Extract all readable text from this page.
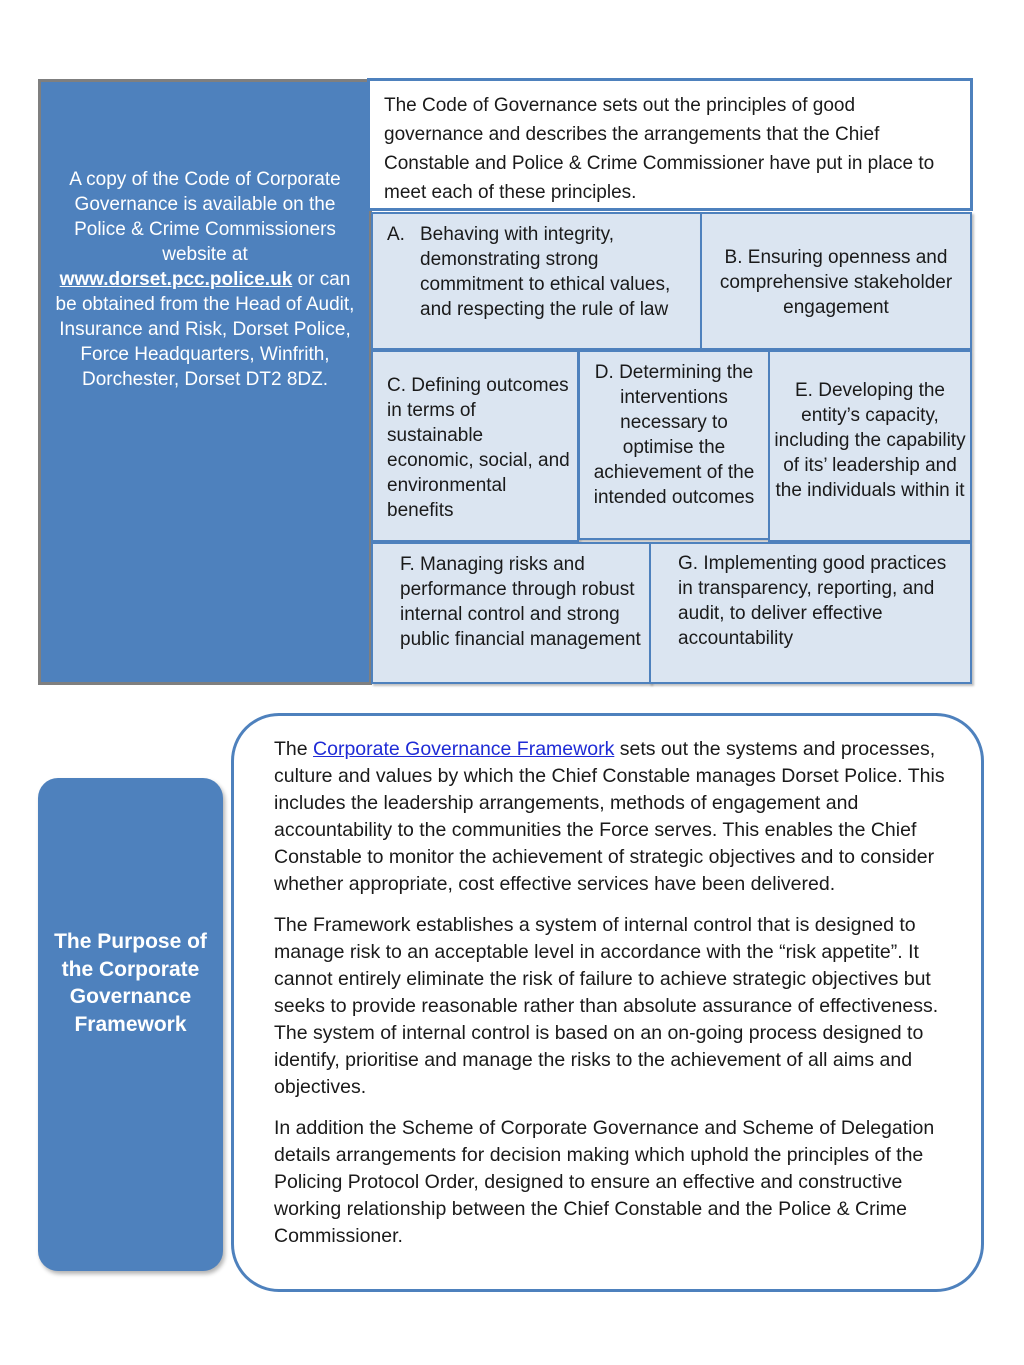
A copy of the Code of Corporate Governance is available on the Police & Crime Commissioners website at www.dorset.pcc.police.uk or can be obtained from the Head of Audit, Insurance and Risk, Dorset Police, Force Headquarters, Winfrith, Dorchester, Dorset DT2 8DZ.
The Code of Governance sets out the principles of good governance and describes the arrangements that the Chief Constable and Police & Crime Commissioner have put in place to meet each of these principles.
A. Behaving with integrity, demonstrating strong commitment to ethical values, and respecting the rule of law
B. Ensuring openness and comprehensive stakeholder engagement
C. Defining outcomes in terms of sustainable economic, social, and environmental benefits
D. Determining the interventions necessary to optimise the achievement of the intended outcomes
E. Developing the entity’s capacity, including the capability of its’ leadership and the individuals within it
F. Managing risks and performance through robust internal control and strong public financial management
G. Implementing good practices in transparency, reporting, and audit, to deliver effective accountability
The Purpose of the Corporate Governance Framework

The Corporate Governance Framework sets out the systems and processes, culture and values by which the Chief Constable manages Dorset Police. This includes the leadership arrangements, methods of engagement and accountability to the communities the Force serves. This enables the Chief Constable to monitor the achievement of strategic objectives and to consider whether appropriate, cost effective services have been delivered.

The Framework establishes a system of internal control that is designed to manage risk to an acceptable level in accordance with the “risk appetite”. It cannot entirely eliminate the risk of failure to achieve strategic objectives but seeks to provide reasonable rather than absolute assurance of effectiveness. The system of internal control is based on an on-going process designed to identify, prioritise and manage the risks to the achievement of all aims and objectives.

In addition the Scheme of Corporate Governance and Scheme of Delegation details arrangements for decision making which uphold the principles of the Policing Protocol Order, designed to ensure an effective and constructive working relationship between the Chief Constable and the Police & Crime Commissioner.
